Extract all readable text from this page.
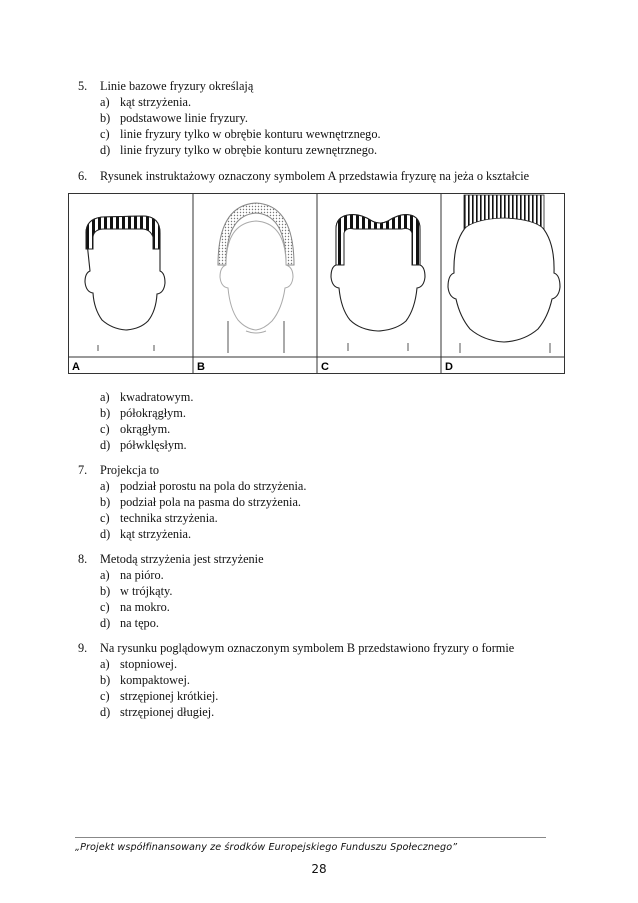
5. Linie bazowe fryzury określają
a) kąt strzyżenia.
b) podstawowe linie fryzury.
c) linie fryzury tylko w obrębie konturu wewnętrznego.
d) linie fryzury tylko w obrębie konturu zewnętrznego.
6. Rysunek instruktażowy oznaczony symbolem A przedstawia fryzurę na jeża o kształcie
A	B	C	D
a) kwadratowym.
b) półokrągłym.
c) okrągłym.
d) półwklęsłym.
7. Projekcja to
a) podział porostu na pola do strzyżenia.
b) podział pola na pasma do strzyżenia.
c) technika strzyżenia.
d) kąt strzyżenia.
8. Metodą strzyżenia jest strzyżenie
a) na pióro.
b) w trójkąty.
c) na mokro.
d) na tępo.
9. Na rysunku poglądowym oznaczonym symbolem B przedstawiono fryzury o formie
a) stopniowej.
b) kompaktowej.
c) strzępionej krótkiej.
d) strzępionej długiej.
„Projekt współfinansowany ze środków Europejskiego Funduszu Społecznego”
28
